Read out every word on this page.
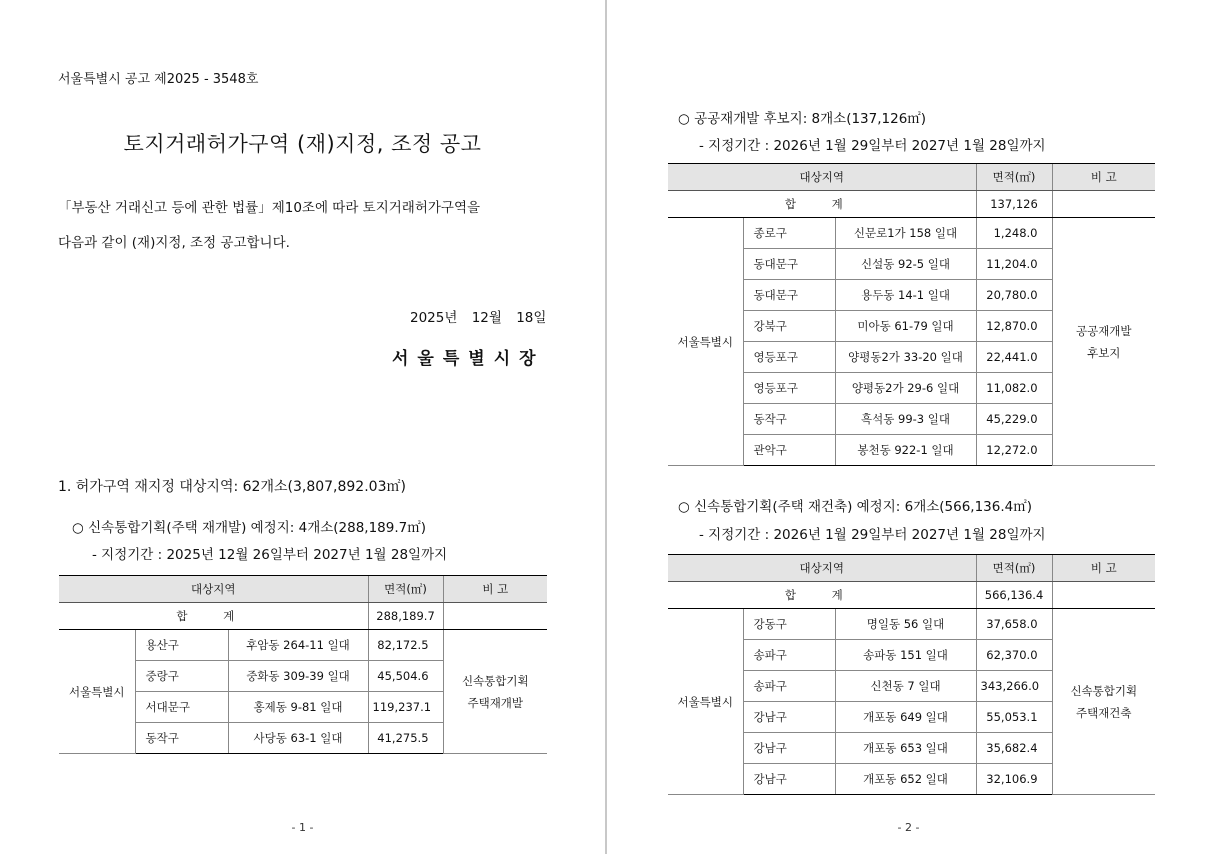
서울특별시 공고 제2025 - 3548호
토지거래허가구역 (재)지정, 조정 공고
「부동산 거래신고 등에 관한 법률」제10조에 따라 토지거래허가구역을
다음과 같이 (재)지정, 조정 공고합니다.
2025년 12월 18일
서울특별시장
1. 허가구역 재지정 대상지역: 62개소(3,807,892.03㎡)
○ 신속통합기획(주택 재개발) 예정지: 4개소(288,189.7㎡)
- 지정기간 : 2025년 12월 26일부터 2027년 1월 28일까지
대상지역			면적(㎡)	비 고
합 계			288,189.7	
서울특별시	용산구	후암동 264-11 일대	82,172.5	신속통합기획
주택재개발

	중랑구	중화동 309-39 일대	45,504.6	
	서대문구	홍제동 9-81 일대	119,237.1	
	동작구	사당동 63-1 일대	41,275.5	
- 1 -
○ 공공재개발 후보지: 8개소(137,126㎡)
- 지정기간 : 2026년 1월 29일부터 2027년 1월 28일까지
대상지역			면적(㎡)	비 고
합 계			137,126	
서울특별시	종로구	신문로1가 158 일대	1,248.0	공공재개발
후보지

	동대문구	신설동 92-5 일대	11,204.0	
	동대문구	용두동 14-1 일대	20,780.0	
	강북구	미아동 61-79 일대	12,870.0	
	영등포구	양평동2가 33-20 일대	22,441.0	
	영등포구	양평동2가 29-6 일대	11,082.0	
	동작구	흑석동 99-3 일대	45,229.0	
	관악구	봉천동 922-1 일대	12,272.0	
○ 신속통합기획(주택 재건축) 예정지: 6개소(566,136.4㎡)
- 지정기간 : 2026년 1월 29일부터 2027년 1월 28일까지
대상지역			면적(㎡)	비 고
합 계			566,136.4	
서울특별시	강동구	명일동 56 일대	37,658.0	신속통합기획
주택재건축

	송파구	송파동 151 일대	62,370.0	
	송파구	신천동 7 일대	343,266.0	
	강남구	개포동 649 일대	55,053.1	
	강남구	개포동 653 일대	35,682.4	
	강남구	개포동 652 일대	32,106.9	
- 2 -
